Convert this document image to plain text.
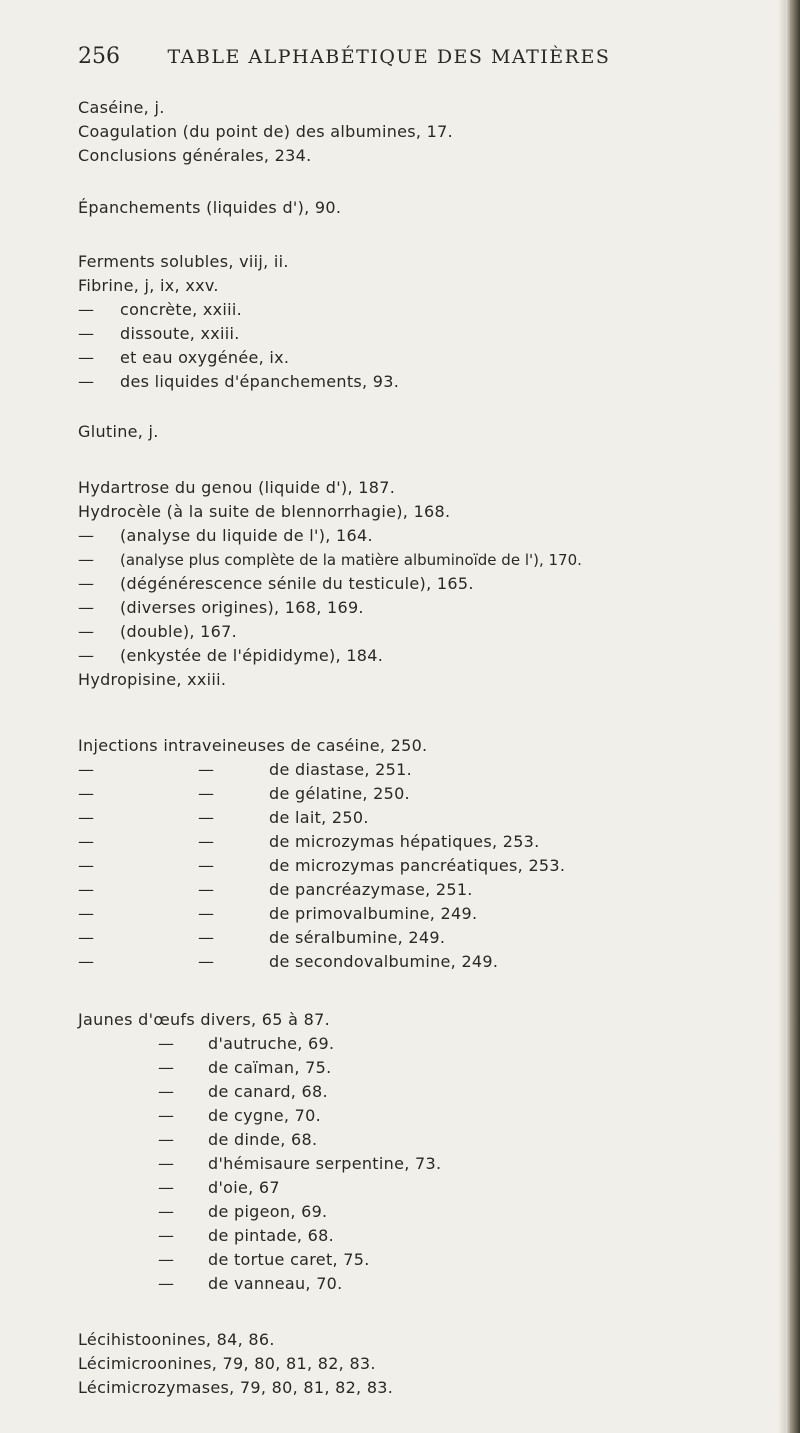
256	TABLE ALPHABÉTIQUE DES MATIÈRES
Caséine, j.
Coagulation (du point de) des albumines, 17.
Conclusions générales, 234.
Épanchements (liquides d'), 90.
Ferments solubles, viij, ii.
Fibrine, j, ix, xxv.
— concrète, xxiii.
— dissoute, xxiii.
— et eau oxygénée, ix.
— des liquides d'épanchements, 93.
Glutine, j.
Hydartrose du genou (liquide d'), 187.
Hydrocèle (à la suite de blennorrhagie), 168.
— (analyse du liquide de l'), 164.
— (analyse plus complète de la matière albuminoïde de l'), 170.
— (dégénérescence sénile du testicule), 165.
— (diverses origines), 168, 169.
— (double), 167.
— (enkystée de l'épididyme), 184.
Hydropisine, xxiii.
Injections intraveineuses de caséine, 250.
—	—	de diastase, 251.
—	—	de gélatine, 250.
—	—	de lait, 250.
—	—	de microzymas hépatiques, 253.
—	—	de microzymas pancréatiques, 253.
—	—	de pancréazymase, 251.
—	—	de primovalbumine, 249.
—	—	de séralbumine, 249.
—	—	de secondovalbumine, 249.
Jaunes d'œufs divers, 65 à 87.
— d'autruche, 69.
— de caïman, 75.
— de canard, 68.
— de cygne, 70.
— de dinde, 68.
— d'hémisaure serpentine, 73.
— d'oie, 67
— de pigeon, 69.
— de pintade, 68.
— de tortue caret, 75.
— de vanneau, 70.
Lécihistoonines, 84, 86.
Lécimicroonines, 79, 80, 81, 82, 83.
Lécimicrozymases, 79, 80, 81, 82, 83.
